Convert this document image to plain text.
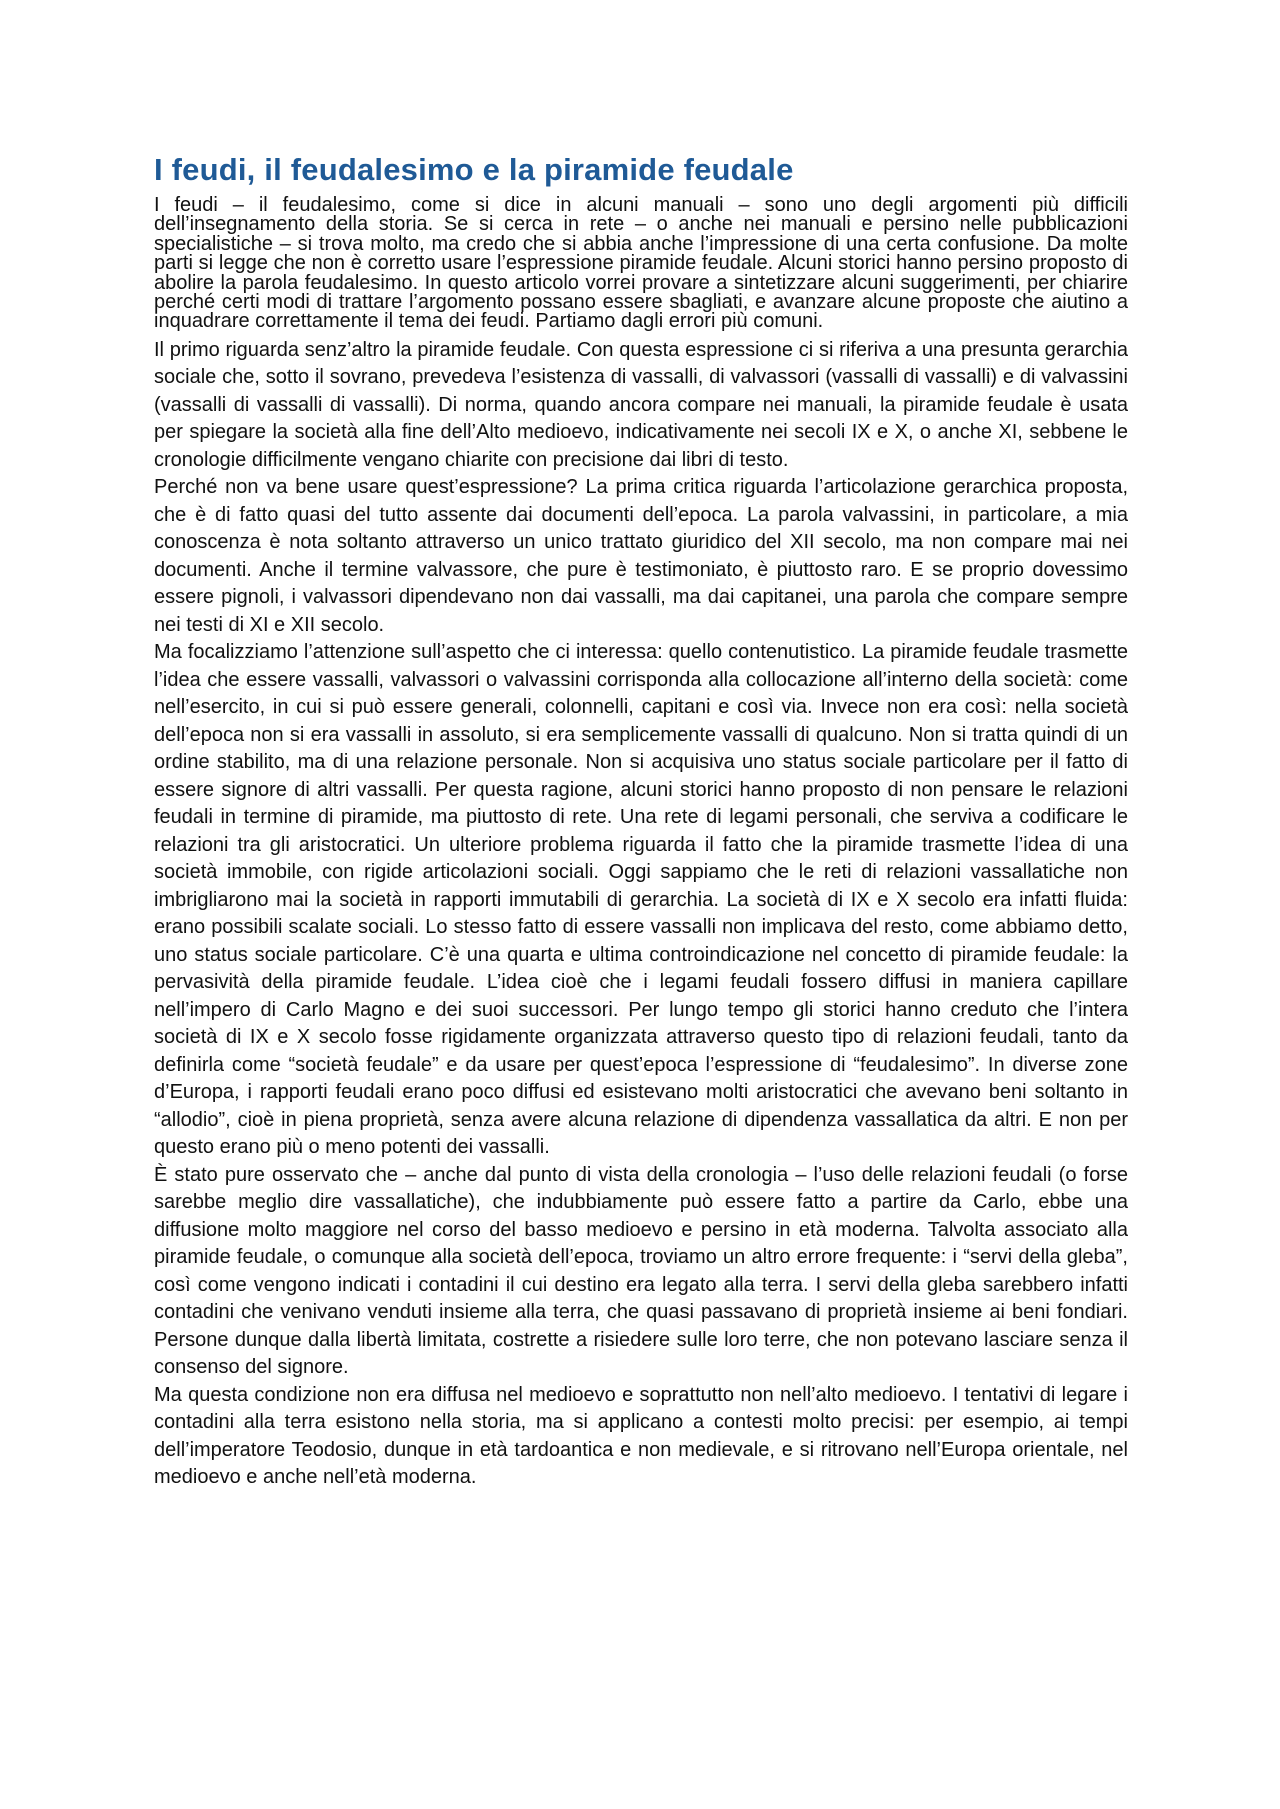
I feudi, il feudalesimo e la piramide feudale

I feudi – il feudalesimo, come si dice in alcuni manuali – sono uno degli argomenti più difficili dell’insegnamento della storia. Se si cerca in rete – o anche nei manuali e persino nelle pubblicazioni specialistiche – si trova molto, ma credo che si abbia anche l’impressione di una certa confusione. Da molte parti si legge che non è corretto usare l’espressione piramide feudale. Alcuni storici hanno persino proposto di abolire la parola feudalesimo. In questo articolo vorrei provare a sintetizzare alcuni suggerimenti, per chiarire perché certi modi di trattare l’argomento possano essere sbagliati, e avanzare alcune proposte che aiutino a inquadrare correttamente il tema dei feudi. Partiamo dagli errori più comuni.

Il primo riguarda senz’altro la piramide feudale. Con questa espressione ci si riferiva a una presunta gerarchia sociale che, sotto il sovrano, prevedeva l’esistenza di vassalli, di valvassori (vassalli di vassalli) e di valvassini (vassalli di vassalli di vassalli). Di norma, quando ancora compare nei manuali, la piramide feudale è usata per spiegare la società alla fine dell’Alto medioevo, indicativamente nei secoli IX e X, o anche XI, sebbene le cronologie difficilmente vengano chiarite con precisione dai libri di testo.

Perché non va bene usare quest’espressione? La prima critica riguarda l’articolazione gerarchica proposta, che è di fatto quasi del tutto assente dai documenti dell’epoca. La parola valvassini, in particolare, a mia conoscenza è nota soltanto attraverso un unico trattato giuridico del XII secolo, ma non compare mai nei documenti. Anche il termine valvassore, che pure è testimoniato, è piuttosto raro. E se proprio dovessimo essere pignoli, i valvassori dipendevano non dai vassalli, ma dai capitanei, una parola che compare sempre nei testi di XI e XII secolo.

Ma focalizziamo l’attenzione sull’aspetto che ci interessa: quello contenutistico. La piramide feudale trasmette l’idea che essere vassalli, valvassori o valvassini corrisponda alla collocazione all’interno della società: come nell’esercito, in cui si può essere generali, colonnelli, capitani e così via. Invece non era così: nella società dell’epoca non si era vassalli in assoluto, si era semplicemente vassalli di qualcuno. Non si tratta quindi di un ordine stabilito, ma di una relazione personale. Non si acquisiva uno status sociale particolare per il fatto di essere signore di altri vassalli. Per questa ragione, alcuni storici hanno proposto di non pensare le relazioni feudali in termine di piramide, ma piuttosto di rete. Una rete di legami personali, che serviva a codificare le relazioni tra gli aristocratici. Un ulteriore problema riguarda il fatto che la piramide trasmette l’idea di una società immobile, con rigide articolazioni sociali. Oggi sappiamo che le reti di relazioni vassallatiche non imbrigliarono mai la società in rapporti immutabili di gerarchia. La società di IX e X secolo era infatti fluida: erano possibili scalate sociali. Lo stesso fatto di essere vassalli non implicava del resto, come abbiamo detto, uno status sociale particolare. C’è una quarta e ultima controindicazione nel concetto di piramide feudale: la pervasività della piramide feudale. L’idea cioè che i legami feudali fossero diffusi in maniera capillare nell’impero di Carlo Magno e dei suoi successori. Per lungo tempo gli storici hanno creduto che l’intera società di IX e X secolo fosse rigidamente organizzata attraverso questo tipo di relazioni feudali, tanto da definirla come “società feudale” e da usare per quest’epoca l’espressione di “feudalesimo”. In diverse zone d’Europa, i rapporti feudali erano poco diffusi ed esistevano molti aristocratici che avevano beni soltanto in “allodio”, cioè in piena proprietà, senza avere alcuna relazione di dipendenza vassallatica da altri. E non per questo erano più o meno potenti dei vassalli.

È stato pure osservato che – anche dal punto di vista della cronologia – l’uso delle relazioni feudali (o forse sarebbe meglio dire vassallatiche), che indubbiamente può essere fatto a partire da Carlo, ebbe una diffusione molto maggiore nel corso del basso medioevo e persino in età moderna. Talvolta associato alla piramide feudale, o comunque alla società dell’epoca, troviamo un altro errore frequente: i “servi della gleba”, così come vengono indicati i contadini il cui destino era legato alla terra. I servi della gleba sarebbero infatti contadini che venivano venduti insieme alla terra, che quasi passavano di proprietà insieme ai beni fondiari. Persone dunque dalla libertà limitata, costrette a risiedere sulle loro terre, che non potevano lasciare senza il consenso del signore.

Ma questa condizione non era diffusa nel medioevo e soprattutto non nell’alto medioevo. I tentativi di legare i contadini alla terra esistono nella storia, ma si applicano a contesti molto precisi: per esempio, ai tempi dell’imperatore Teodosio, dunque in età tardoantica e non medievale, e si ritrovano nell’Europa orientale, nel medioevo e anche nell’età moderna.
